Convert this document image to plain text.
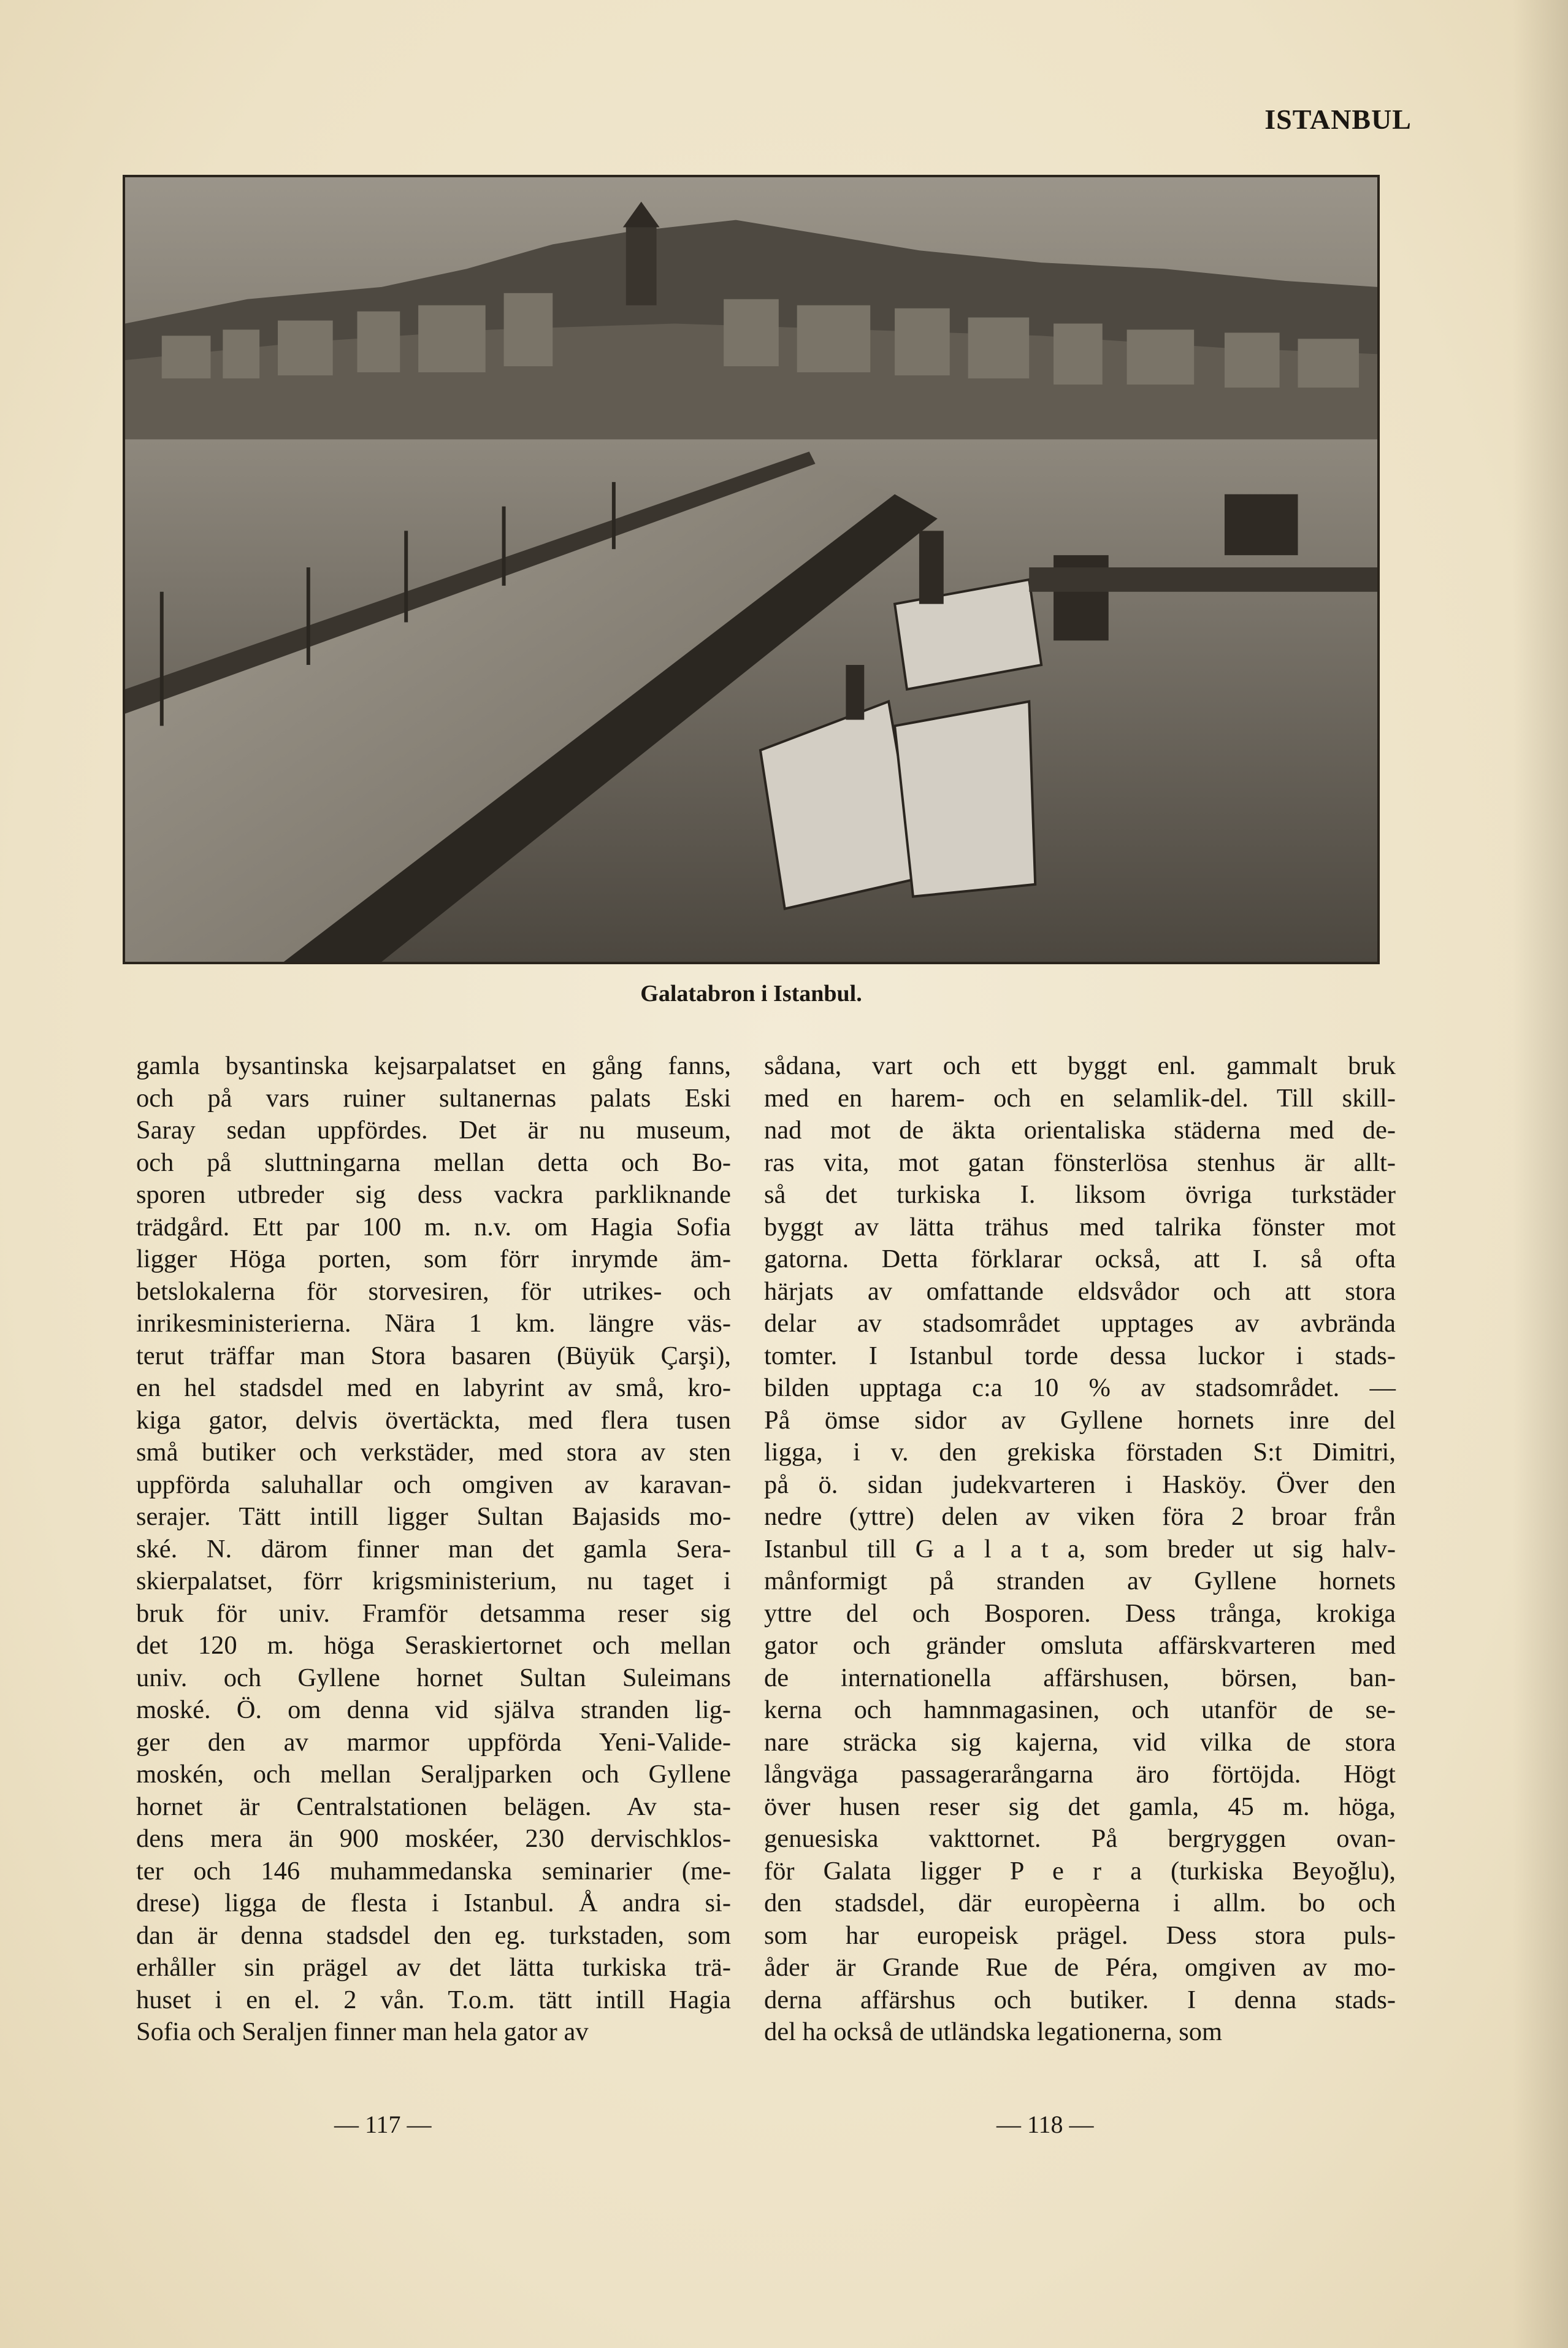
ISTANBUL
Galatabron i Istanbul.
gamla bysantinska kejsarpalatset en gång fanns,
och på vars ruiner sultanernas palats Eski
Saray sedan uppfördes. Det är nu museum,
och på sluttningarna mellan detta och Bo-
sporen utbreder sig dess vackra parkliknande
trädgård. Ett par 100 m. n.v. om Hagia Sofia
ligger Höga porten, som förr inrymde äm-
betslokalerna för storvesiren, för utrikes- och
inrikesministerierna. Nära 1 km. längre väs-
terut träffar man Stora basaren (Büyük Çarşi),
en hel stadsdel med en labyrint av små, kro-
kiga gator, delvis övertäckta, med flera tusen
små butiker och verkstäder, med stora av sten
uppförda saluhallar och omgiven av karavan-
serajer. Tätt intill ligger Sultan Bajasids mo-
ské. N. därom finner man det gamla Sera-
skierpalatset, förr krigsministerium, nu taget i
bruk för univ. Framför detsamma reser sig
det 120 m. höga Seraskiertornet och mellan
univ. och Gyllene hornet Sultan Suleimans
moské. Ö. om denna vid själva stranden lig-
ger den av marmor uppförda Yeni-Valide-
moskén, och mellan Seraljparken och Gyllene
hornet är Centralstationen belägen. Av sta-
dens mera än 900 moskéer, 230 dervischklos-
ter och 146 muhammedanska seminarier (me-
drese) ligga de flesta i Istanbul. Å andra si-
dan är denna stadsdel den eg. turkstaden, som
erhåller sin prägel av det lätta turkiska trä-
huset i en el. 2 vån. T.o.m. tätt intill Hagia
Sofia och Seraljen finner man hela gator av
sådana, vart och ett byggt enl. gammalt bruk
med en harem- och en selamlik-del. Till skill-
nad mot de äkta orientaliska städerna med de-
ras vita, mot gatan fönsterlösa stenhus är allt-
så det turkiska I. liksom övriga turkstäder
byggt av lätta trähus med talrika fönster mot
gatorna. Detta förklarar också, att I. så ofta
härjats av omfattande eldsvådor och att stora
delar av stadsområdet upptages av avbrända
tomter. I Istanbul torde dessa luckor i stads-
bilden upptaga c:a 10 % av stadsområdet. —
På ömse sidor av Gyllene hornets inre del
ligga, i v. den grekiska förstaden S:t Dimitri,
på ö. sidan judekvarteren i Hasköy. Över den
nedre (yttre) delen av viken föra 2 broar från
Istanbul till G a l a t a, som breder ut sig halv-
månformigt på stranden av Gyllene hornets
yttre del och Bosporen. Dess trånga, krokiga
gator och gränder omsluta affärskvarteren med
de internationella affärshusen, börsen, ban-
kerna och hamnmagasinen, och utanför de se-
nare sträcka sig kajerna, vid vilka de stora
långväga passagerarångarna äro förtöjda. Högt
över husen reser sig det gamla, 45 m. höga,
genuesiska vakttornet. På bergryggen ovan-
för Galata ligger P e r a (turkiska Beyoğlu),
den stadsdel, där europèerna i allm. bo och
som har europeisk prägel. Dess stora puls-
åder är Grande Rue de Péra, omgiven av mo-
derna affärshus och butiker. I denna stads-
del ha också de utländska legationerna, som
— 117 —	— 118 —
